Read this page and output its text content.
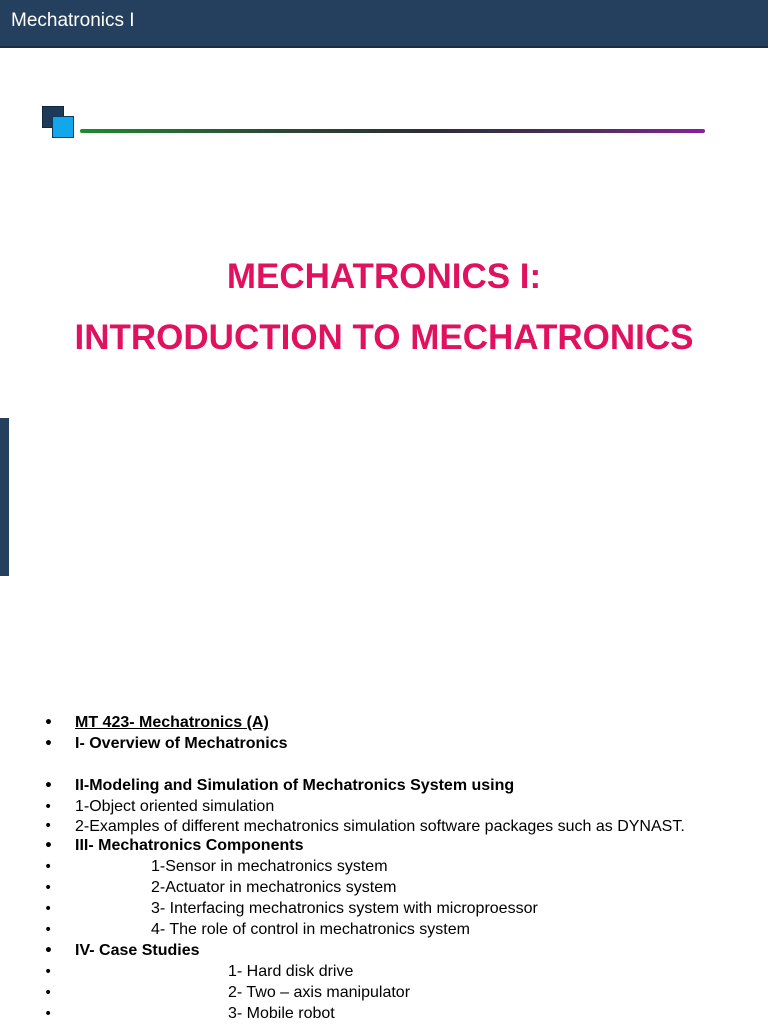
Mechatronics I
MECHATRONICS I:
INTRODUCTION TO MECHATRONICS
• MT 423- Mechatronics (A)
• I- Overview of Mechatronics
• II-Modeling and Simulation of Mechatronics System using
• 1-Object oriented simulation
• 2-Examples of different mechatronics simulation software packages such as DYNAST.
• III- Mechatronics Components
• 1-Sensor in mechatronics system
• 2-Actuator in mechatronics system
• 3- Interfacing mechatronics system with microproessor
• 4- The role of control in mechatronics system
• IV- Case Studies
• 1- Hard disk drive
• 2- Two – axis manipulator
• 3- Mobile robot
